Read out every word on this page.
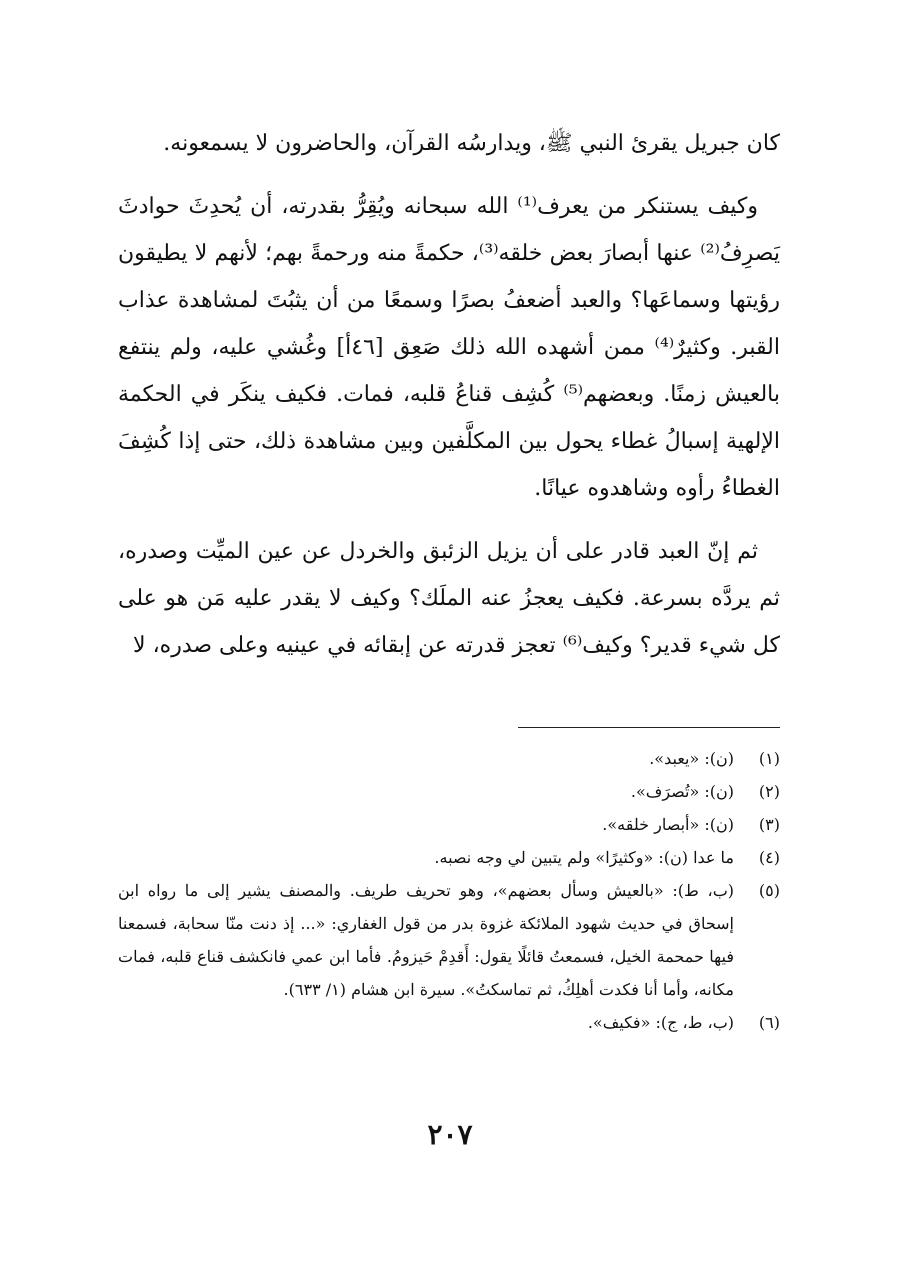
كان جبريل يقرئ النبي ﷺ، ويدارسُه القرآن، والحاضرون لا يسمعونه.

وكيف يستنكر من يعرف⁽¹⁾ الله سبحانه ويُقِرُّ بقدرته، أن يُحدِثَ حوادثَ يَصرِفُ⁽²⁾ عنها أبصارَ بعض خلقه⁽³⁾، حكمةً منه ورحمةً بهم؛ لأنهم لا يطيقون رؤيتها وسماعَها؟ والعبد أضعفُ بصرًا وسمعًا من أن يثبُتَ لمشاهدة عذاب القبر. وكثيرٌ⁽⁴⁾ ممن أشهده الله ذلك صَعِق [٤٦أ] وغُشي عليه، ولم ينتفع بالعيش زمنًا. وبعضهم⁽⁵⁾ كُشِف قناعُ قلبه، فمات. فكيف ينكَر في الحكمة الإلهية إسبالُ غطاء يحول بين المكلَّفين وبين مشاهدة ذلك، حتى إذا كُشِفَ الغطاءُ رأوه وشاهدوه عيانًا.

ثم إنّ العبد قادر على أن يزيل الزئبق والخردل عن عين الميِّت وصدره، ثم يردَّه بسرعة. فكيف يعجزُ عنه الملَك؟ وكيف لا يقدر عليه مَن هو على كل شيء قدير؟ وكيف⁽⁶⁾ تعجز قدرته عن إبقائه في عينيه وعلى صدره، لا

(١)
(ن): «يعبد».
(٢)
(ن): «تُصرَف».
(٣)
(ن): «أبصار خلقه».
(٤)
ما عدا (ن): «وكثيرًا» ولم يتبين لي وجه نصبه.
(٥)
(ب، ط): «بالعيش وسأل بعضهم»، وهو تحريف طريف. والمصنف يشير إلى ما رواه ابن إسحاق في حديث شهود الملائكة غزوة بدر من قول الغفاري: «... إذ دنت منّا سحابة، فسمعنا فيها حمحمة الخيل، فسمعتُ قائلًا يقول: أَقدِمْ حَيزومُ. فأما ابن عمي فانكشف قناع قلبه، فمات مكانه، وأما أنا فكدت أهلِكُ، ثم تماسكتُ». سيرة ابن هشام (١/ ٦٣٣).
(٦)
(ب، ط، ج): «فكيف».
٢٠٧
